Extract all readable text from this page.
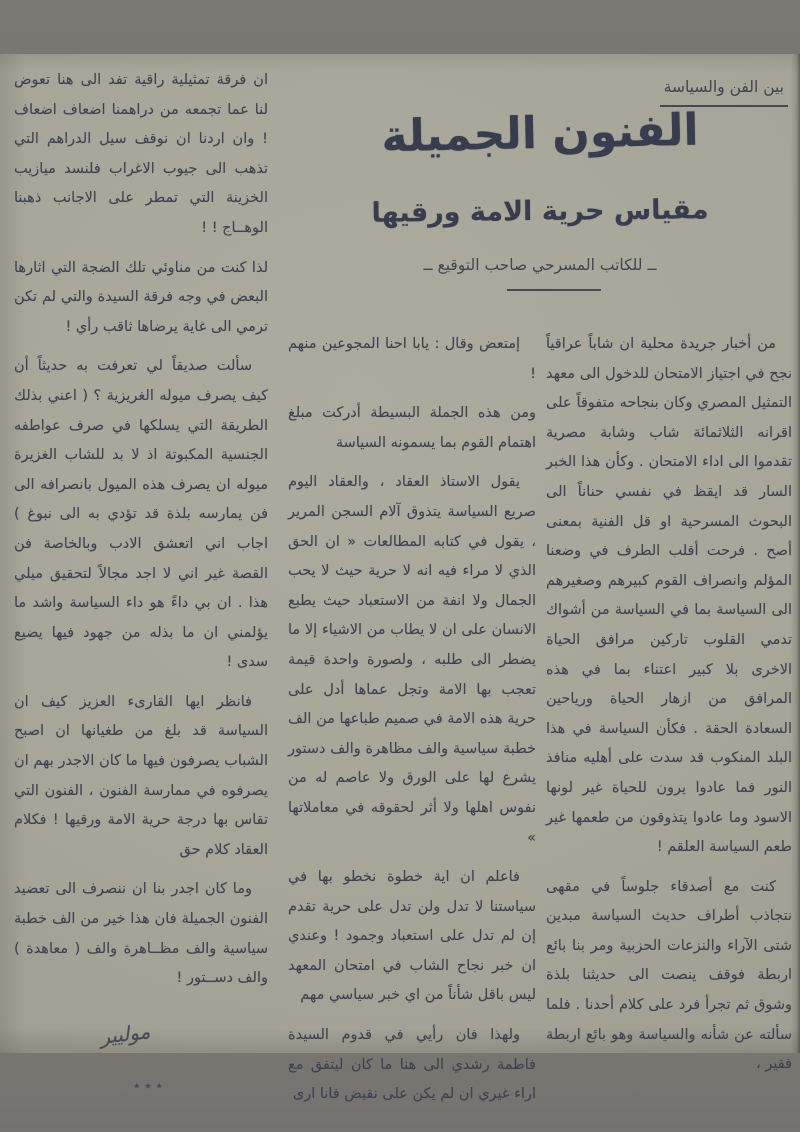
بين الفن والسياسة
الفنون الجميلة
مقياس حرية الامة ورقيها
ــ للكاتب المسرحي صاحب التوقيع ــ

من أخبار جريدة محلية ان شاباً عراقياً نجح في اجتياز الامتحان للدخول الى معهد التمثيل المصري وكان بنجاحه متفوقاً على اقرانه الثلاثمائة شاب وشابة مصرية تقدموا الى اداء الامتحان . وكأن هذا الخبر السار قد ايقظ في نفسي حناناً الى البحوث المسرحية او قل الفنية بمعنى أصح . فرحت أقلب الطرف في وضعنا المؤلم وانصراف القوم كبيرهم وصغيرهم الى السياسة بما في السياسة من أشواك تدمي القلوب تاركين مرافق الحياة الاخرى بلا كبير اعتناء بما في هذه المرافق من ازهار الحياة ورياحين السعادة الحقة . فكأن السياسة في هذا البلد المنكوب قد سدت على أهليه منافذ النور فما عادوا يرون للحياة غير لونها الاسود وما عادوا يتذوقون من طعمها غير طعم السياسة العلقم !

كنت مع أصدقاء جلوساً في مقهى نتجاذب أطراف حديث السياسة مبدين شتى الآراء والنزعات الحزبية ومر بنا بائع اربطة فوقف ينصت الى حديثنا بلذة وشوق ثم تجرأ فرد على كلام أحدنا . فلما سألته عن شأنه والسياسة وهو بائع اربطة فقير ،

إمتعض وقال : يابا احنا المجوعين منهم !

ومن هذه الجملة البسيطة أدركت مبلغ اهتمام القوم بما يسمونه السياسة

يقول الاستاذ العقاد ، والعقاد اليوم صريع السياسة يتذوق آلام السجن المرير ، يقول في كتابه المطالعات « ان الحق الذي لا مراء فيه انه لا حرية حيث لا يحب الجمال ولا انفة من الاستعباد حيث يطبع الانسان على ان لا يطاب من الاشياء إلا ما يضطر الى طلبه ، ولصورة واحدة قيمة تعجب بها الامة وتجل عماها أدل على حرية هذه الامة في صميم طباعها من الف خطبة سياسية والف مظاهرة والف دستور يشرع لها على الورق ولا عاصم له من نفوس اهلها ولا أثر لحقوقه في معاملاتها »

فاعلم ان اية خطوة نخطو بها في سياستنا لا تدل ولن تدل على حرية تقدم إن لم تدل على استعباد وجمود ! وعندي ان خبر نجاح الشاب في امتحان المعهد ليس باقل شأناً من اي خبر سياسي مهم

ولهذا فان رأيي في قدوم السيدة فاطمة رشدي الى هنا ما كان ليتفق مع اراء غيري ان لم يكن على نقيض فانا ارى

ان فرقة تمثيلية راقية تفد الى هنا تعوض لنا عما تجمعه من دراهمنا اضعاف اضعاف ! وان اردنا ان نوقف سيل الدراهم التي تذهب الى جيوب الاغراب فلنسد ميازيب الخزينة التي تمطر على الاجانب ذهبنا الوهــاج ! !

لذا كنت من مناوئي تلك الضجة التي اثارها البعض في وجه فرقة السيدة والتي لم تكن ترمي الى غاية يرضاها ثاقب رأي !

سألت صديقاً لي تعرفت به حديثاً أن كيف يصرف ميوله الغريزية ؟ ( اعني بذلك الطريقة التي يسلكها في صرف عواطفه الجنسية المكبوتة اذ لا بد للشاب الغزيرة ميوله ان يصرف هذه الميول بانصرافه الى فن يمارسه بلذة قد تؤدي به الى نبوغ ) اجاب اني اتعشق الادب وبالخاصة فن القصة غير اني لا اجد مجالاً لتحقيق ميلي هذا . ان بي داءً هو داء السياسة واشد ما يؤلمني ان ما بذله من جهود فيها يضيع سدى !

فانظر ايها القارىء العزيز كيف ان السياسة قد بلغ من طغيانها ان اصبح الشباب يصرفون فيها ما كان الاجدر بهم ان يصرفوه في ممارسة الفنون ، الفنون التي تقاس بها درجة حرية الامة ورقيها ! فكلام العقاد كلام حق

وما كان اجدر بنا ان ننصرف الى تعضيد الفنون الجميلة فان هذا خير من الف خطبة سياسية والف مظــاهرة والف ( معاهدة ) والف دســتور !

موليير
٭ ٭ ٭
